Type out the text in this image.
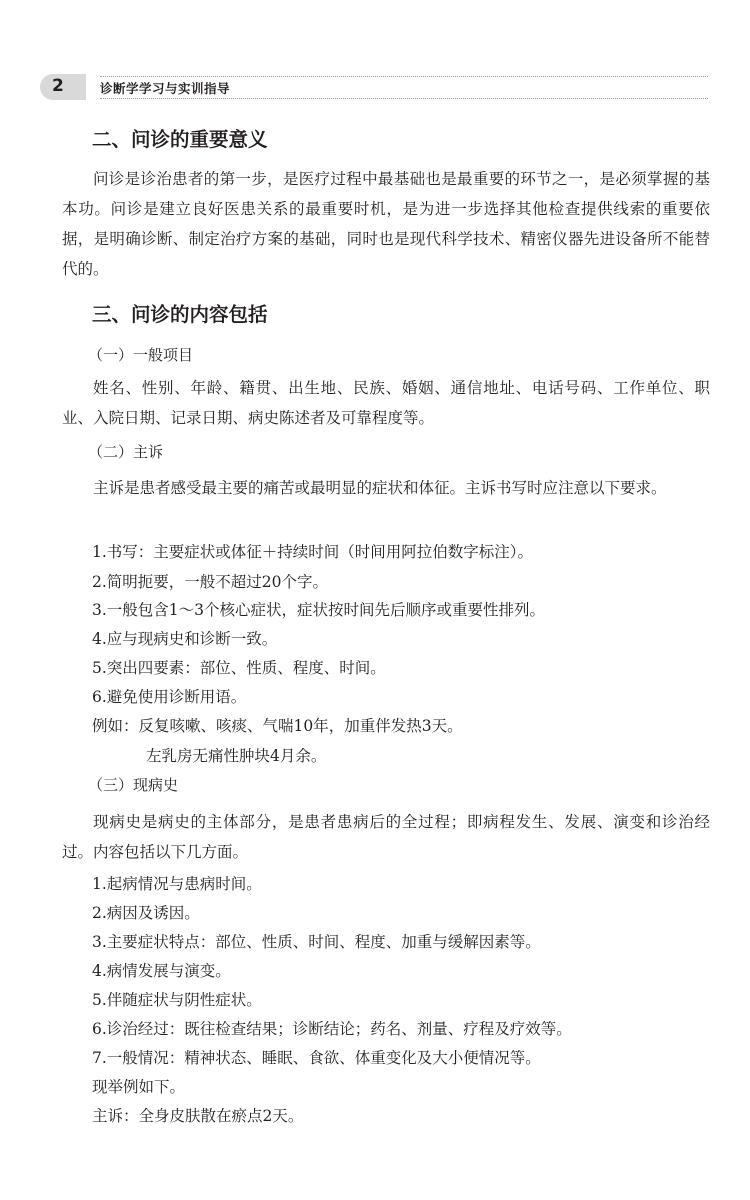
2	诊断学学习与实训指导
二、问诊的重要意义

问诊是诊治患者的第一步，是医疗过程中最基础也是最重要的环节之一，是必须掌握的基本功。问诊是建立良好医患关系的最重要时机，是为进一步选择其他检查提供线索的重要依据，是明确诊断、制定治疗方案的基础，同时也是现代科学技术、精密仪器先进设备所不能替代的。

三、问诊的内容包括

（一）一般项目

姓名、性别、年龄、籍贯、出生地、民族、婚姻、通信地址、电话号码、工作单位、职业、入院日期、记录日期、病史陈述者及可靠程度等。

（二）主诉

主诉是患者感受最主要的痛苦或最明显的症状和体征。主诉书写时应注意以下要求。

1.书写：主要症状或体征＋持续时间（时间用阿拉伯数字标注）。

2.简明扼要，一般不超过20个字。

3.一般包含1～3个核心症状，症状按时间先后顺序或重要性排列。

4.应与现病史和诊断一致。

5.突出四要素：部位、性质、程度、时间。

6.避免使用诊断用语。

例如：反复咳嗽、咳痰、气喘10年，加重伴发热3天。

左乳房无痛性肿块4月余。

（三）现病史

现病史是病史的主体部分，是患者患病后的全过程；即病程发生、发展、演变和诊治经过。内容包括以下几方面。

1.起病情况与患病时间。

2.病因及诱因。

3.主要症状特点：部位、性质、时间、程度、加重与缓解因素等。

4.病情发展与演变。

5.伴随症状与阴性症状。

6.诊治经过：既往检查结果；诊断结论；药名、剂量、疗程及疗效等。

7.一般情况：精神状态、睡眠、食欲、体重变化及大小便情况等。

现举例如下。

主诉：全身皮肤散在瘀点2天。
